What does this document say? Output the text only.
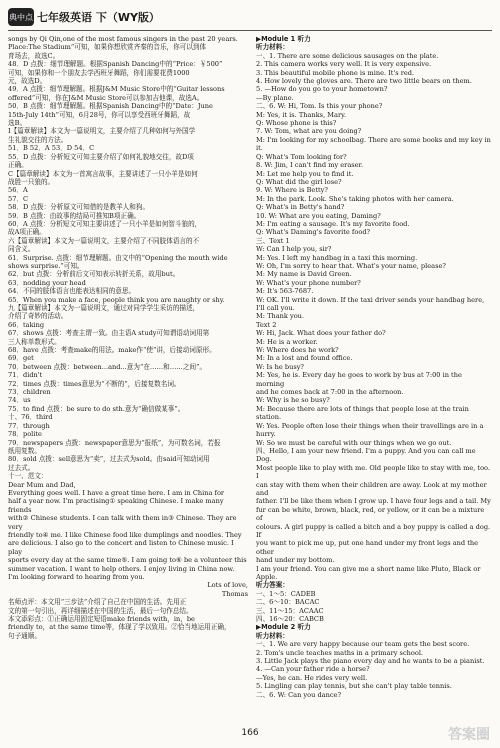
典中点 七年级英语 下（WY版）

songs by Qi Qin,one of the most famous singers in the past 20 years.

Place:The Stadium”可知，如果你想欣赏齐秦的音乐，你可以到体

育场去，故选C。

48．D 点拨：细节理解题。根据Spanish Dancing中的“Price：￥500”

可知，如果你和一个朋友去学西班牙舞蹈，你们需要花费1000

元，故选D。

49．A 点拨：细节理解题。根据J&M Music Store中的“Guitar lessons

offered”可知，你在J&M Music Store可以参加吉他课，故选A。

50．B 点拨：细节理解题。根据Spanish Dancing中的“Date：June

15th-July 14th”可知，6月28号，你可以享受西班牙舞蹈，故

选B。

Ⅰ【篇章解读】本文为一篇说明文，主要介绍了几种如何与外国学

生礼貌交往的方法。

51．B 52．A 53．D 54．C

55．D 点拨：分析短文可知主要介绍了如何礼貌地交往，故D项

正确。

C【篇章解读】本文为一首寓言故事，主要讲述了一只小羊是如何

战胜一只狼的。

56．A

57．C

58．D 点拨：分析原文可知借的是教羊人和狗。

59．B 点拨：由故事的结局可推知B项正确。

60．A 点拨：分析短文可知主要讲述了一只小羊是如何智斗狼的，

故A项正确。

六【篇章解读】本文为一篇说明文，主要介绍了不同肢体语言的不

同含义。

61．Surprise. 点拨：细节理解题。由文中的“Opening the mouth wide

shows surprise.”可知。

62．but 点拨：分析前后文可知表示转折关系，故用but。

63．nodding your head

64．不同的肢体语言也能表达相同的意思。

65．When you make a face, people think you are naughty or shy.

九【篇章解读】本文为一篇说明文，通过对同学学生采访的描述，

介绍了奇妙的活动。

66．taking

67．shows 点拨：考查主谓一致。由主语A study可知谓语动词用第

三人称单数形式。

68．have 点拨：考查make的用法。make作“使”讲，后接动词原形。

69．get

70．between 点拨：between...and...意为“在……和……之间”。

71．didn't

72．times 点拨：times意思为“不断的”，后接复数名词。

73．children

74．us

75．to find 点拨：be sure to do sth.意为“确信做某事”。

十、76．third

77．through

78．polite

79．newspapers 点拨：newspaper意思为“报纸”，为可数名词，若报

纸用复数。

80．sold 点拨：sell意思为“卖”，过去式为sold。由said可知动词用

过去式。

十一、范文：

Dear Mum and Dad,

Everything goes well. I have a great time here. I am in China for

half a year now. I'm practising① speaking Chinese. I make many friends

with② Chinese students. I can talk with them in③ Chinese. They are very

friendly to④ me. I like Chinese food like dumplings and noodles. They

are delicious. I also go to the concert and listen to Chinese music. I play

sports every day at the same time⑤. I am going to⑥ be a volunteer this

summer vacation. I want to help others. I enjoy living in China now.

I'm looking forward to hearing from you.

Lots of love,

Thomas

名师点评：本文用“三步法”介绍了自己在中国的生活。先用正

文的第一句引出，再详细描述在中国的生活，最后一句作总结。

本文添彩点：①正确运用固定短语make friends with，in，be

friendly to，at the same time等，体现了学以致用。②恰当地运用正确，

句子通顺。

▶Module 1 听力

听力材料：

一、1. There are some delicious sausages on the plate.

2. This camera works very well. It is very expensive.

3. This beautiful mobile phone is mine. It's red.

4. How lovely the gloves are. There are two little bears on them.

5. —How do you go to your hometown?

—By plane.

二、6. W: Hi, Tom. Is this your phone?

M: Yes, it is. Thanks, Mary.

Q: Whose phone is this?

7. W: Tom, what are you doing?

M: I'm looking for my schoolbag. There are some books and my key in

it.

Q: What's Tom looking for?

8. W: Jim, I can't find my eraser.

M: Let me help you to find it.

Q: What did the girl lose?

9. W: Where is Betty?

M: In the park. Look. She's taking photos with her camera.

Q: What's in Betty's hand?

10. W: What are you eating, Daming?

M: I'm eating a sausage. It's my favorite food.

Q: What's Daming's favorite food?

三、Text 1

W: Can I help you, sir?

M: Yes. I left my handbag in a taxi this morning.

W: Oh, I'm sorry to hear that. What's your name, please?

M: My name is David Green.

W: What's your phone number?

M: It's 563-7687.

W: OK. I'll write it down. If the taxi driver sends your handbag here,

I'll call you.

M: Thank you.

Text 2

W: Hi, Jack. What does your father do?

M: He is a worker.

W: Where does he work?

M: In a lost and found office.

W: Is he busy?

M: Yes, he is. Every day he goes to work by bus at 7:00 in the morning

and he comes back at 7:00 in the afternoon.

W: Why is he so busy?

M: Because there are lots of things that people lose at the train station.

W: Yes. People often lose their things when their travellings are in a

hurry.

W: So we must be careful with our things when we go out.

四、Hello, I am your new friend. I'm a puppy. And you can call me Dog.

Most people like to play with me. Old people like to stay with me, too. I

can stay with them when their children are away. Look at my mother and

father. I'll be like them when I grow up. I have four legs and a tail. My

fur can be white, brown, black, red, or yellow, or it can be a mixture of

colours. A girl puppy is called a bitch and a boy puppy is called a dog. If

you want to pick me up, put one hand under my front legs and the other

hand under my bottom.

I am your friend. You can give me a short name like Pluto, Black or

Apple.

听力答案：

一、1～5：CADEB

二、6～10：BACAC

三、11～15：ACAAC

四、16～20：CABCB

▶Module 2 听力

听力材料：

一、1. We are very happy because our team gets the best score.

2. Tom's uncle teaches maths in a primary school.

3. Little Jack plays the piano every day and he wants to be a pianist.

4. —Can your father ride a horse?

—Yes, he can. He rides very well.

5. Lingling can play tennis, but she can't play table tennis.

二、6. W: Can you dance?

166	答案圈
